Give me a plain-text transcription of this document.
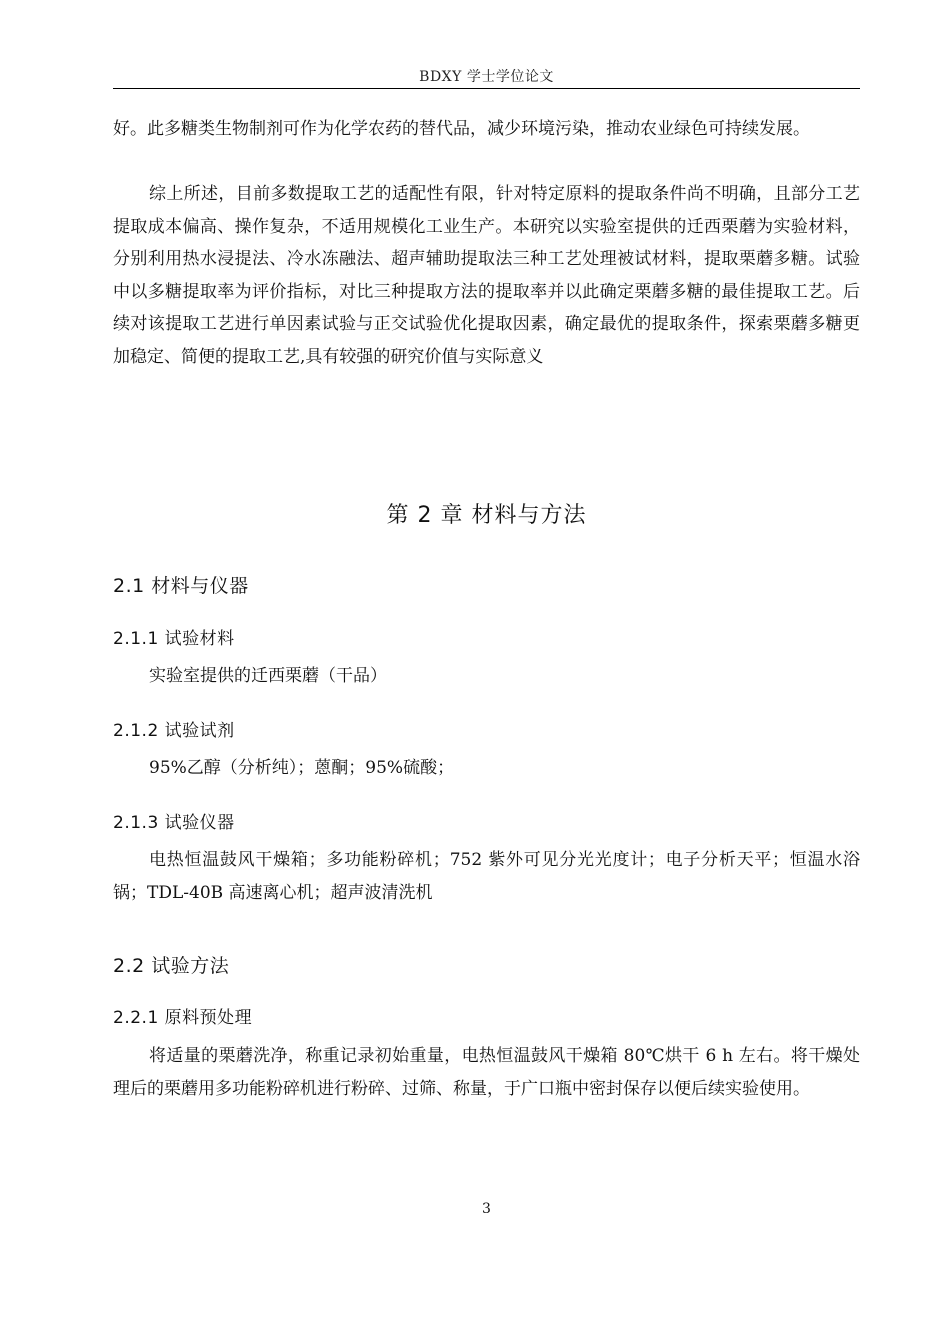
BDXY 学士学位论文

好。此多糖类生物制剂可作为化学农药的替代品，减少环境污染，推动农业绿色可持续发展。

综上所述，目前多数提取工艺的适配性有限，针对特定原料的提取条件尚不明确，且部分工艺提取成本偏高、操作复杂，不适用规模化工业生产。本研究以实验室提供的迁西栗蘑为实验材料，分别利用热水浸提法、冷水冻融法、超声辅助提取法三种工艺处理被试材料，提取栗蘑多糖。试验中以多糖提取率为评价指标，对比三种提取方法的提取率并以此确定栗蘑多糖的最佳提取工艺。后续对该提取工艺进行单因素试验与正交试验优化提取因素，确定最优的提取条件，探索栗蘑多糖更加稳定、简便的提取工艺,具有较强的研究价值与实际意义

第 2 章 材料与方法
2.1 材料与仪器
2.1.1 试验材料

实验室提供的迁西栗蘑（干品）

2.1.2 试验试剂

95%乙醇（分析纯）；蒽酮；95%硫酸；

2.1.3 试验仪器

电热恒温鼓风干燥箱；多功能粉碎机；752 紫外可见分光光度计；电子分析天平；恒温水浴锅；TDL-40B 高速离心机；超声波清洗机

2.2 试验方法
2.2.1 原料预处理

将适量的栗蘑洗净，称重记录初始重量，电热恒温鼓风干燥箱 80℃烘干 6 h 左右。将干燥处理后的栗蘑用多功能粉碎机进行粉碎、过筛、称量，于广口瓶中密封保存以便后续实验使用。

3
